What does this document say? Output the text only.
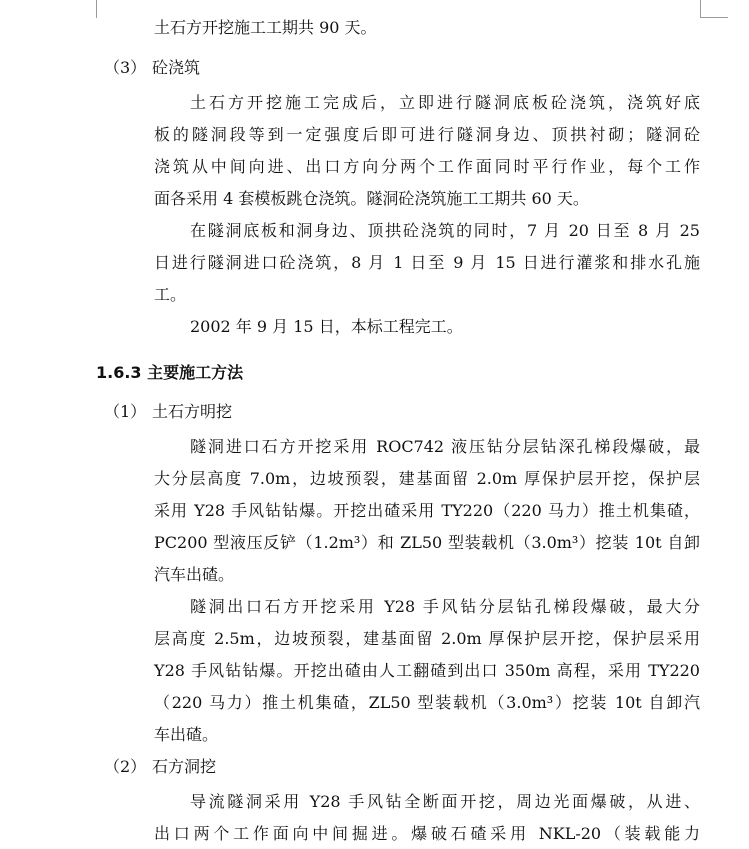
土石方开挖施工工期共 90 天。
（3） 砼浇筑
土石方开挖施工完成后，立即进行隧洞底板砼浇筑，浇筑好底
板的隧洞段等到一定强度后即可进行隧洞身边、顶拱衬砌；隧洞砼
浇筑从中间向进、出口方向分两个工作面同时平行作业，每个工作
面各采用 4 套模板跳仓浇筑。隧洞砼浇筑施工工期共 60 天。
在隧洞底板和洞身边、顶拱砼浇筑的同时，7 月 20 日至 8 月 25
日进行隧洞进口砼浇筑，8 月 1 日至 9 月 15 日进行灌浆和排水孔施
工。
2002 年 9 月 15 日，本标工程完工。
1.6.3 主要施工方法
（1） 土石方明挖
隧洞进口石方开挖采用 ROC742 液压钻分层钻深孔梯段爆破，最
大分层高度 7.0m，边坡预裂，建基面留 2.0m 厚保护层开挖，保护层
采用 Y28 手风钻钻爆。开挖出碴采用 TY220（220 马力）推土机集碴，
PC200 型液压反铲（1.2m³）和 ZL50 型装载机（3.0m³）挖装 10t 自卸
汽车出碴。
隧洞出口石方开挖采用 Y28 手风钻分层钻孔梯段爆破，最大分
层高度 2.5m，边坡预裂，建基面留 2.0m 厚保护层开挖，保护层采用
Y28 手风钻钻爆。开挖出碴由人工翻碴到出口 350m 高程，采用 TY220
（220 马力）推土机集碴，ZL50 型装载机（3.0m³）挖装 10t 自卸汽
车出碴。
（2） 石方洞挖
导流隧洞采用 Y28 手风钻全断面开挖，周边光面爆破，从进、
出口两个工作面向中间掘进。爆破石碴采用 NKL-20（装载能力
